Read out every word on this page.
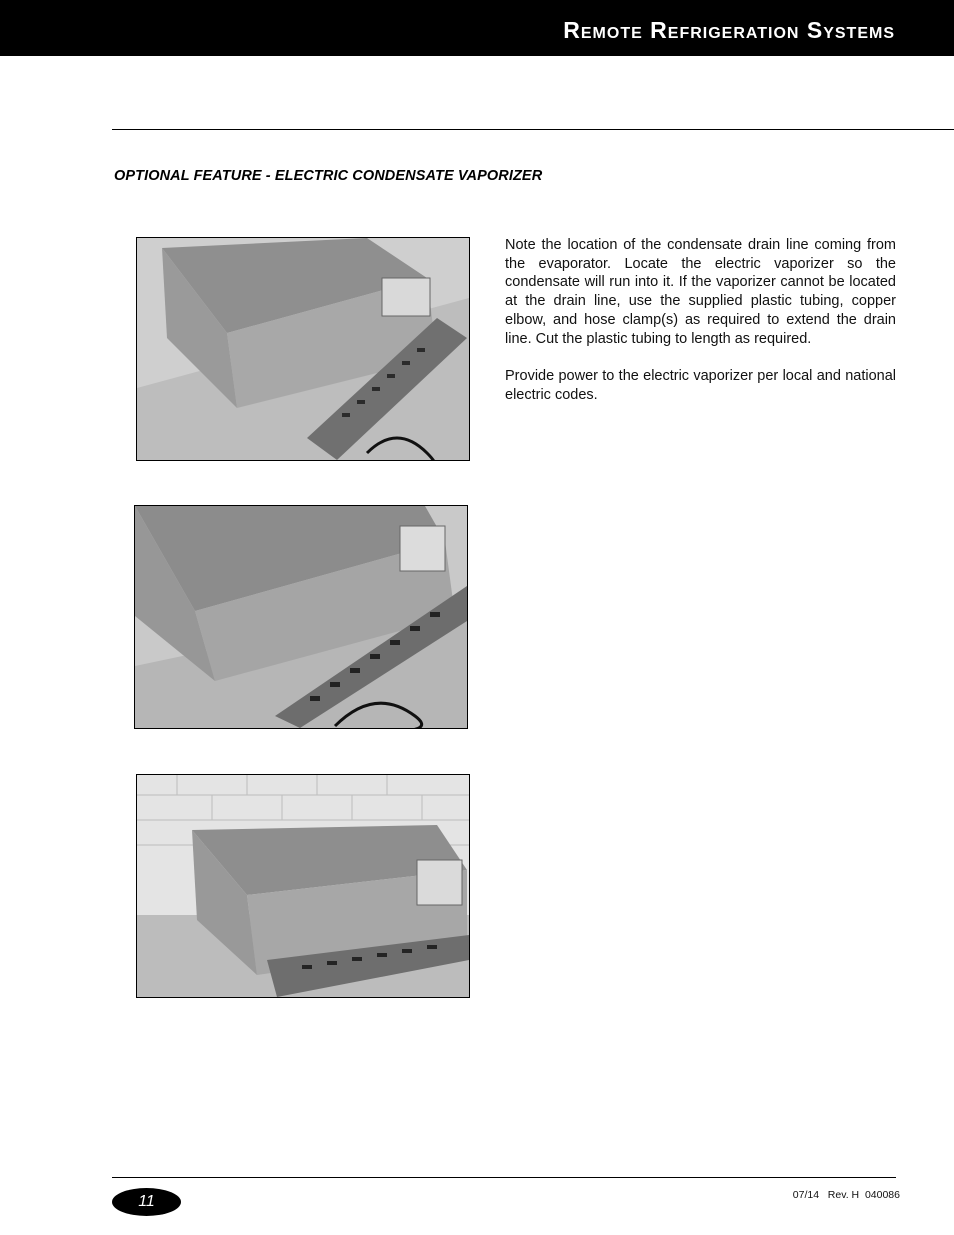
Remote Refrigeration Systems
OPTIONAL FEATURE - ELECTRIC CONDENSATE VAPORIZER

Note the location of the condensate drain line coming from the evaporator. Locate the electric vaporizer so the condensate will run into it. If the vaporizer cannot be located at the drain line, use the supplied plastic tubing, copper elbow, and hose clamp(s) as required to extend the drain line. Cut the plastic tubing to length as required.

Provide power to the electric vaporizer per local and national electric codes.

11	07/14   Rev. H  040086
